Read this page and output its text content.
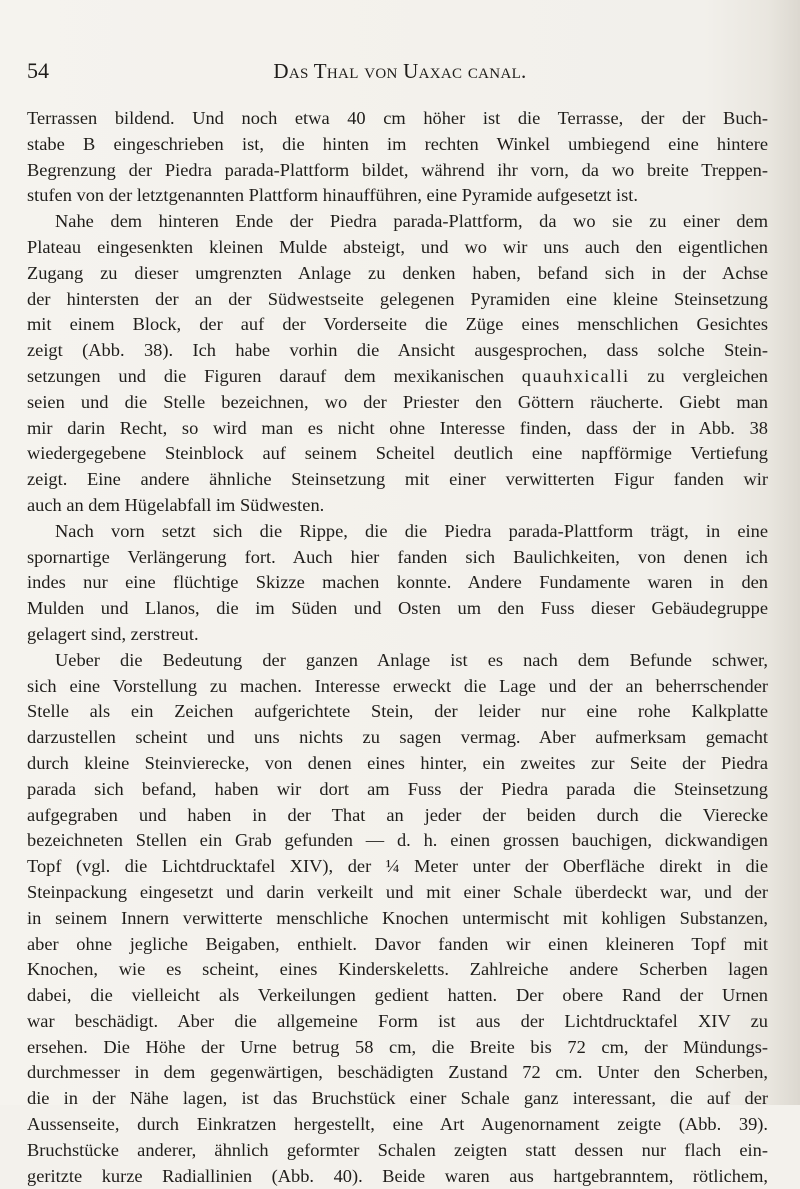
54	Das Thal von Uaxac canal.
Terrassen bildend. Und noch etwa 40 cm höher ist die Terrasse, der der Buch-
stabe B eingeschrieben ist, die hinten im rechten Winkel umbiegend eine hintere
Begrenzung der Piedra parada-Plattform bildet, während ihr vorn, da wo breite Treppen-
stufen von der letztgenannten Plattform hinaufführen, eine Pyramide aufgesetzt ist.
Nahe dem hinteren Ende der Piedra parada-Plattform, da wo sie zu einer dem
Plateau eingesenkten kleinen Mulde absteigt, und wo wir uns auch den eigentlichen
Zugang zu dieser umgrenzten Anlage zu denken haben, befand sich in der Achse
der hintersten der an der Südwestseite gelegenen Pyramiden eine kleine Steinsetzung
mit einem Block, der auf der Vorderseite die Züge eines menschlichen Gesichtes
zeigt (Abb. 38). Ich habe vorhin die Ansicht ausgesprochen, dass solche Stein-
setzungen und die Figuren darauf dem mexikanischen quauhxicalli zu vergleichen
seien und die Stelle bezeichnen, wo der Priester den Göttern räucherte. Giebt man
mir darin Recht, so wird man es nicht ohne Interesse finden, dass der in Abb. 38
wiedergegebene Steinblock auf seinem Scheitel deutlich eine napfförmige Vertiefung
zeigt. Eine andere ähnliche Steinsetzung mit einer verwitterten Figur fanden wir
auch an dem Hügelabfall im Südwesten.
Nach vorn setzt sich die Rippe, die die Piedra parada-Plattform trägt, in eine
spornartige Verlängerung fort. Auch hier fanden sich Baulichkeiten, von denen ich
indes nur eine flüchtige Skizze machen konnte. Andere Fundamente waren in den
Mulden und Llanos, die im Süden und Osten um den Fuss dieser Gebäudegruppe
gelagert sind, zerstreut.
Ueber die Bedeutung der ganzen Anlage ist es nach dem Befunde schwer,
sich eine Vorstellung zu machen. Interesse erweckt die Lage und der an beherrschender
Stelle als ein Zeichen aufgerichtete Stein, der leider nur eine rohe Kalkplatte
darzustellen scheint und uns nichts zu sagen vermag. Aber aufmerksam gemacht
durch kleine Steinvierecke, von denen eines hinter, ein zweites zur Seite der Piedra
parada sich befand, haben wir dort am Fuss der Piedra parada die Steinsetzung
aufgegraben und haben in der That an jeder der beiden durch die Vierecke
bezeichneten Stellen ein Grab gefunden — d. h. einen grossen bauchigen, dickwandigen
Topf (vgl. die Lichtdrucktafel XIV), der ¼ Meter unter der Oberfläche direkt in die
Steinpackung eingesetzt und darin verkeilt und mit einer Schale überdeckt war, und der
in seinem Innern verwitterte menschliche Knochen untermischt mit kohligen Substanzen,
aber ohne jegliche Beigaben, enthielt. Davor fanden wir einen kleineren Topf mit
Knochen, wie es scheint, eines Kinderskeletts. Zahlreiche andere Scherben lagen
dabei, die vielleicht als Verkeilungen gedient hatten. Der obere Rand der Urnen
war beschädigt. Aber die allgemeine Form ist aus der Lichtdrucktafel XIV zu
ersehen. Die Höhe der Urne betrug 58 cm, die Breite bis 72 cm, der Mündungs-
durchmesser in dem gegenwärtigen, beschädigten Zustand 72 cm. Unter den Scherben,
die in der Nähe lagen, ist das Bruchstück einer Schale ganz interessant, die auf der
Aussenseite, durch Einkratzen hergestellt, eine Art Augenornament zeigte (Abb. 39).
Bruchstücke anderer, ähnlich geformter Schalen zeigten statt dessen nur flach ein-
geritzte kurze Radiallinien (Abb. 40). Beide waren aus hartgebranntem, rötlichem,
